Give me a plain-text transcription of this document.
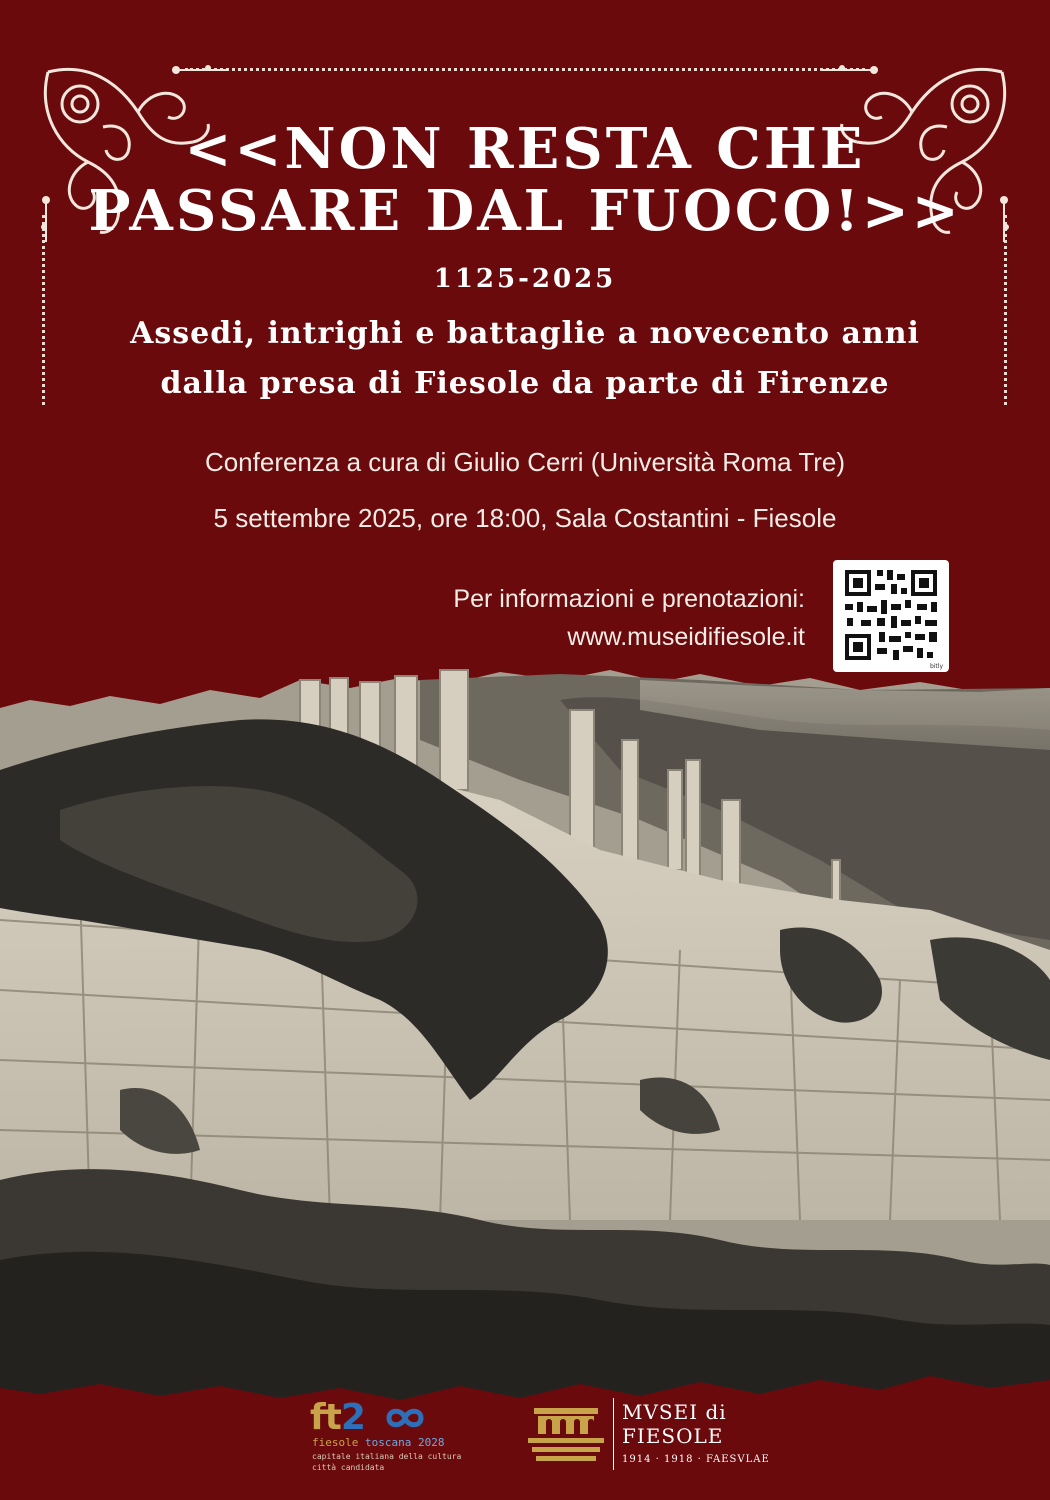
<<NON RESTA CHE
PASSARE DAL FUOCO!>>
1125-2025
Assedi, intrighi e battaglie a novecento anni
dalla presa di Fiesole da parte di Firenze
Conferenza a cura di Giulio Cerri (Università Roma Tre)
5 settembre 2025, ore 18:00, Sala Costantini - Fiesole
Per informazioni e prenotazioni:
www.museidifiesole.it
bitly
ft2
fiesole toscana 2028
capitale italiana della cultura
città candidata
MVSEI di
FIESOLE
1914 · 1918 · FAESVLAE
